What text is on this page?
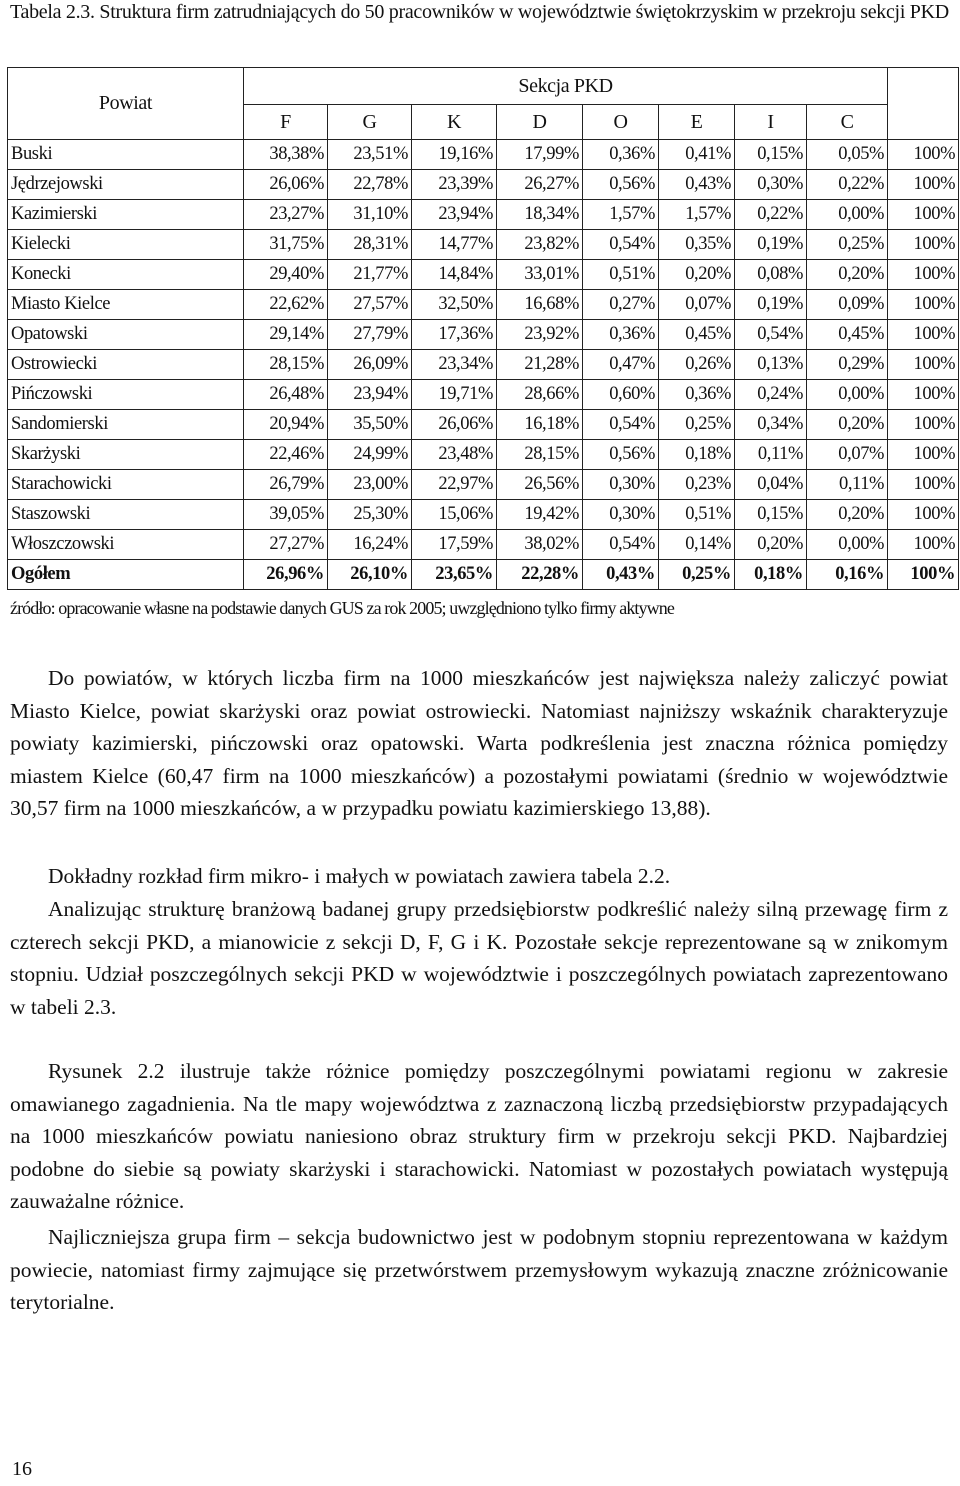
Tabela 2.3. Struktura firm zatrudniających do 50 pracowników w województwie świętokrzyskim w przekroju sekcji PKD
Powiat	Sekcja PKD								
	F	G	K	D	O	E	I	C	
Buski	38,38%	23,51%	19,16%	17,99%	0,36%	0,41%	0,15%	0,05%	100%
Jędrzejowski	26,06%	22,78%	23,39%	26,27%	0,56%	0,43%	0,30%	0,22%	100%
Kazimierski	23,27%	31,10%	23,94%	18,34%	1,57%	1,57%	0,22%	0,00%	100%
Kielecki	31,75%	28,31%	14,77%	23,82%	0,54%	0,35%	0,19%	0,25%	100%
Konecki	29,40%	21,77%	14,84%	33,01%	0,51%	0,20%	0,08%	0,20%	100%
Miasto Kielce	22,62%	27,57%	32,50%	16,68%	0,27%	0,07%	0,19%	0,09%	100%
Opatowski	29,14%	27,79%	17,36%	23,92%	0,36%	0,45%	0,54%	0,45%	100%
Ostrowiecki	28,15%	26,09%	23,34%	21,28%	0,47%	0,26%	0,13%	0,29%	100%
Pińczowski	26,48%	23,94%	19,71%	28,66%	0,60%	0,36%	0,24%	0,00%	100%
Sandomierski	20,94%	35,50%	26,06%	16,18%	0,54%	0,25%	0,34%	0,20%	100%
Skarżyski	22,46%	24,99%	23,48%	28,15%	0,56%	0,18%	0,11%	0,07%	100%
Starachowicki	26,79%	23,00%	22,97%	26,56%	0,30%	0,23%	0,04%	0,11%	100%
Staszowski	39,05%	25,30%	15,06%	19,42%	0,30%	0,51%	0,15%	0,20%	100%
Włoszczowski	27,27%	16,24%	17,59%	38,02%	0,54%	0,14%	0,20%	0,00%	100%
Ogółem	26,96%	26,10%	23,65%	22,28%	0,43%	0,25%	0,18%	0,16%	100%
źródło: opracowanie własne na podstawie danych GUS za rok 2005; uwzględniono tylko firmy aktywne

Do powiatów, w których liczba firm na 1000 mieszkańców jest największa należy zaliczyć powiat Miasto Kielce, powiat skarżyski oraz powiat ostrowiecki. Natomiast najniższy wskaźnik charakteryzuje powiaty kazimierski, pińczowski oraz opatowski. Warta podkreślenia jest znaczna różnica pomiędzy miastem Kielce (60,47 firm na 1000 mieszkańców) a pozostałymi powiatami (średnio w województwie 30,57 firm na 1000 mieszkańców, a w przypadku powiatu kazimierskiego 13,88).

Dokładny rozkład firm mikro- i małych w powiatach zawiera tabela 2.2.

Analizując strukturę branżową badanej grupy przedsiębiorstw podkreślić należy silną przewagę firm z czterech sekcji PKD, a mianowicie z sekcji D, F, G i K. Pozostałe sekcje reprezentowane są w znikomym stopniu. Udział poszczególnych sekcji PKD w województwie i poszczególnych powiatach zaprezentowano w tabeli 2.3.

Rysunek 2.2 ilustruje także różnice pomiędzy poszczególnymi powiatami regionu w zakresie omawianego zagadnienia. Na tle mapy województwa z zaznaczoną liczbą przedsiębiorstw przypadających na 1000 mieszkańców powiatu naniesiono obraz struktury firm w przekroju sekcji PKD. Najbardziej podobne do siebie są powiaty skarżyski i starachowicki. Natomiast w pozostałych powiatach występują zauważalne różnice.

Najliczniejsza grupa firm – sekcja budownictwo jest w podobnym stopniu reprezentowana w każdym powiecie, natomiast firmy zajmujące się przetwórstwem przemysłowym wykazują znaczne zróżnicowanie terytorialne.

16
